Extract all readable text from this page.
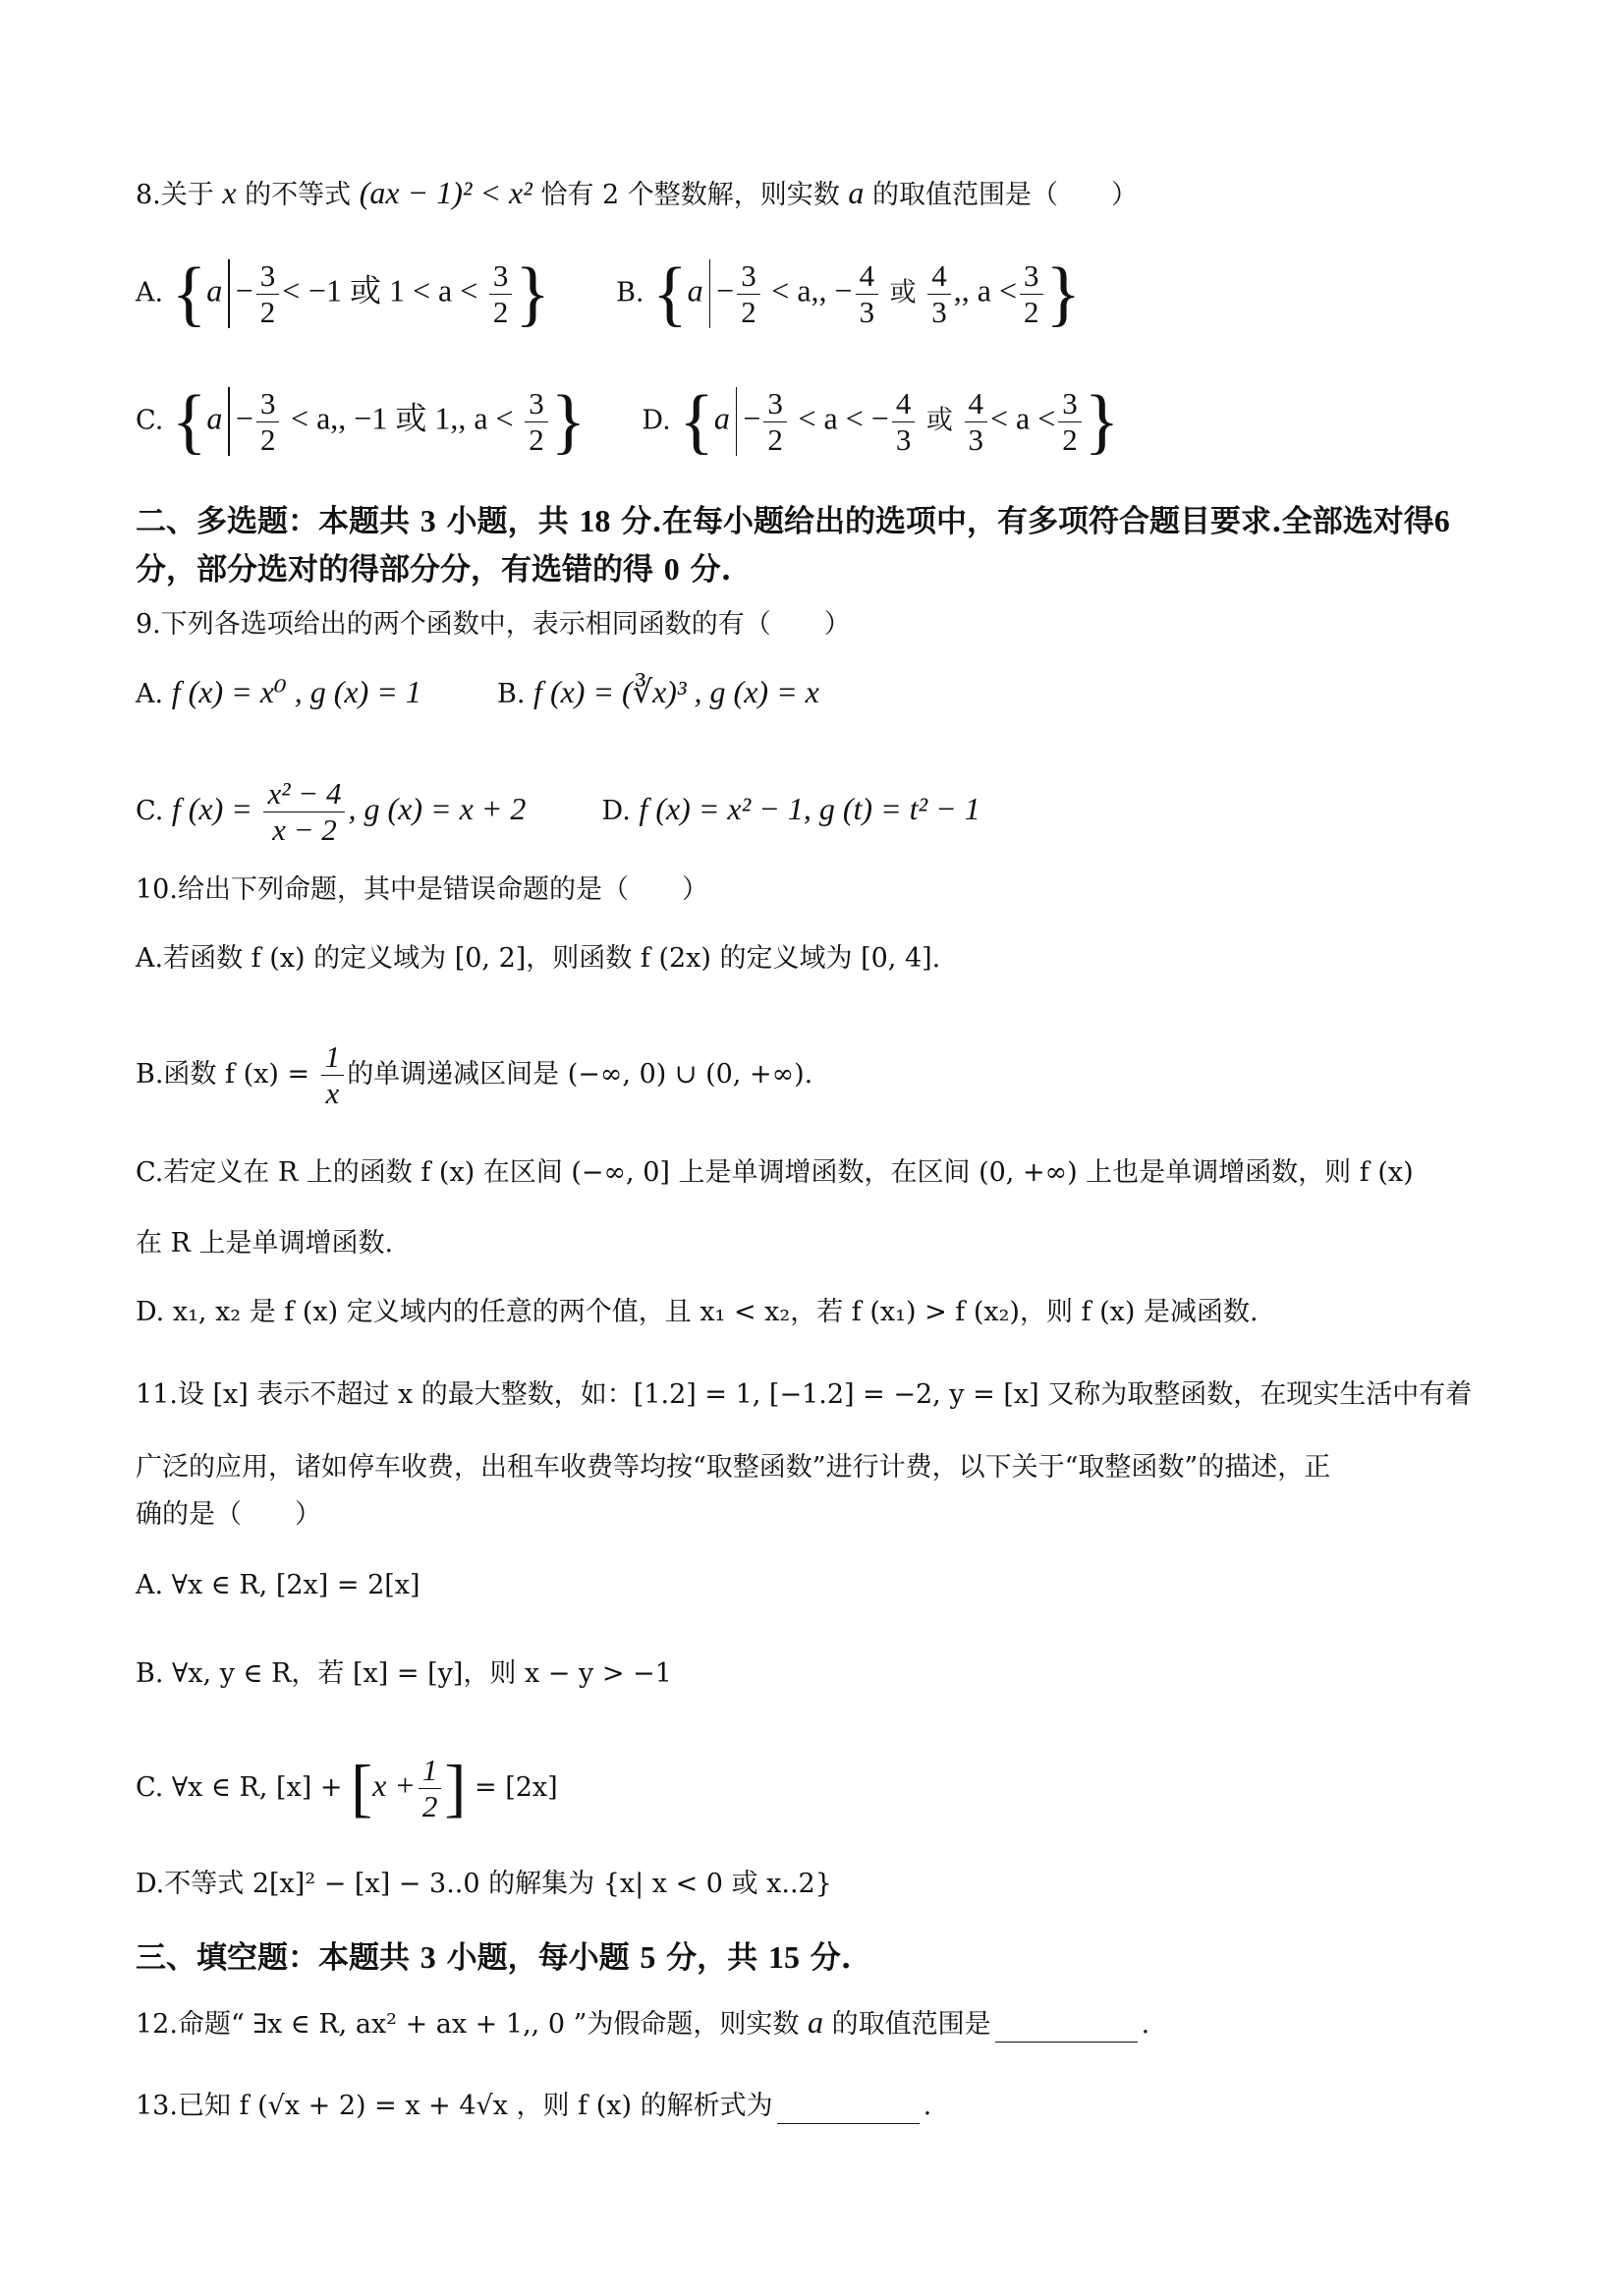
8.关于 x 的不等式 (ax − 1)² < x² 恰有 2 个整数解，则实数 a 的取值范围是（　　）
A. {$a - \frac{3}{2} < -1$ 或 $1 < a < \frac{3}{2}$ } B. {$a - \frac{3}{2} < a$,, − $\frac{4}{3}$ 或 $\frac{4}{3}$ ,, $a < \frac{3}{2}$ }
C. {$a - \frac{3}{2} < a$,, −1 或 1,, $a < \frac{3}{2}$ } D. {$a - \frac{3}{2} < a$ < − $\frac{4}{3}$ 或 $\frac{4}{3} < a < \frac{3}{2}$ }
二、多选题：本题共 3 小题，共 18 分.在每小题给出的选项中，有多项符合题目要求.全部选对得6 分，部分选对的得部分分，有选错的得 0 分.
9.下列各选项给出的两个函数中，表示相同函数的有（　　）
A. f (x) = x⁰ , g (x) = 1	B. f (x) = (∛x)³ , g (x) = x
C. f $(x) = \frac{\text{x² − 4}}{x - 2}$ , g (x) = x + 2	D. f (x) = x² − 1, g (t) = t² − 1
10.给出下列命题，其中是错误命题的是（　　）
A.若函数 f (x) 的定义域为 [0, 2]，则函数 f (2x) 的定义域为 [0, 4].
B.函数 f $(x) = \frac{1}{x}$ 的单调递减区间是 (−∞, 0) ∪ (0, +∞).
C.若定义在 R 上的函数 f (x) 在区间 (−∞, 0] 上是单调增函数，在区间 (0, +∞) 上也是单调增函数，则 f (x)
在 R 上是单调增函数.
D. x₁, x₂ 是 f (x) 定义域内的任意的两个值，且 x₁ < x₂，若 f (x₁) > f (x₂)，则 f (x) 是减函数.
11.设 [x] 表示不超过 x 的最大整数，如：[1.2] = 1, [−1.2] = −2, y = [x] 又称为取整函数，在现实生活中有着
广泛的应用，诸如停车收费，出租车收费等均按“取整函数”进行计费，以下关于“取整函数”的描述，正
确的是（　　）
A. ∀x ∈ R, [2x] = 2[x]
B. ∀x, y ∈ R，若 [x] = [y]，则 x − y > −1
C. ∀x ∈ R, $[x] + [x + \frac{1}{2}$ ] = [2x]
D.不等式 2[x]² − [x] − 3..0 的解集为 {x| x < 0 或 x..2}
三、填空题：本题共 3 小题，每小题 5 分，共 15 分.
12.命题“ ∃x ∈ R, ax² + ax + 1,, 0 ”为假命题，则实数 a 的取值范围是	.
13.已知 f (√x + 2) = x + 4√x ，则 f (x) 的解析式为	.
